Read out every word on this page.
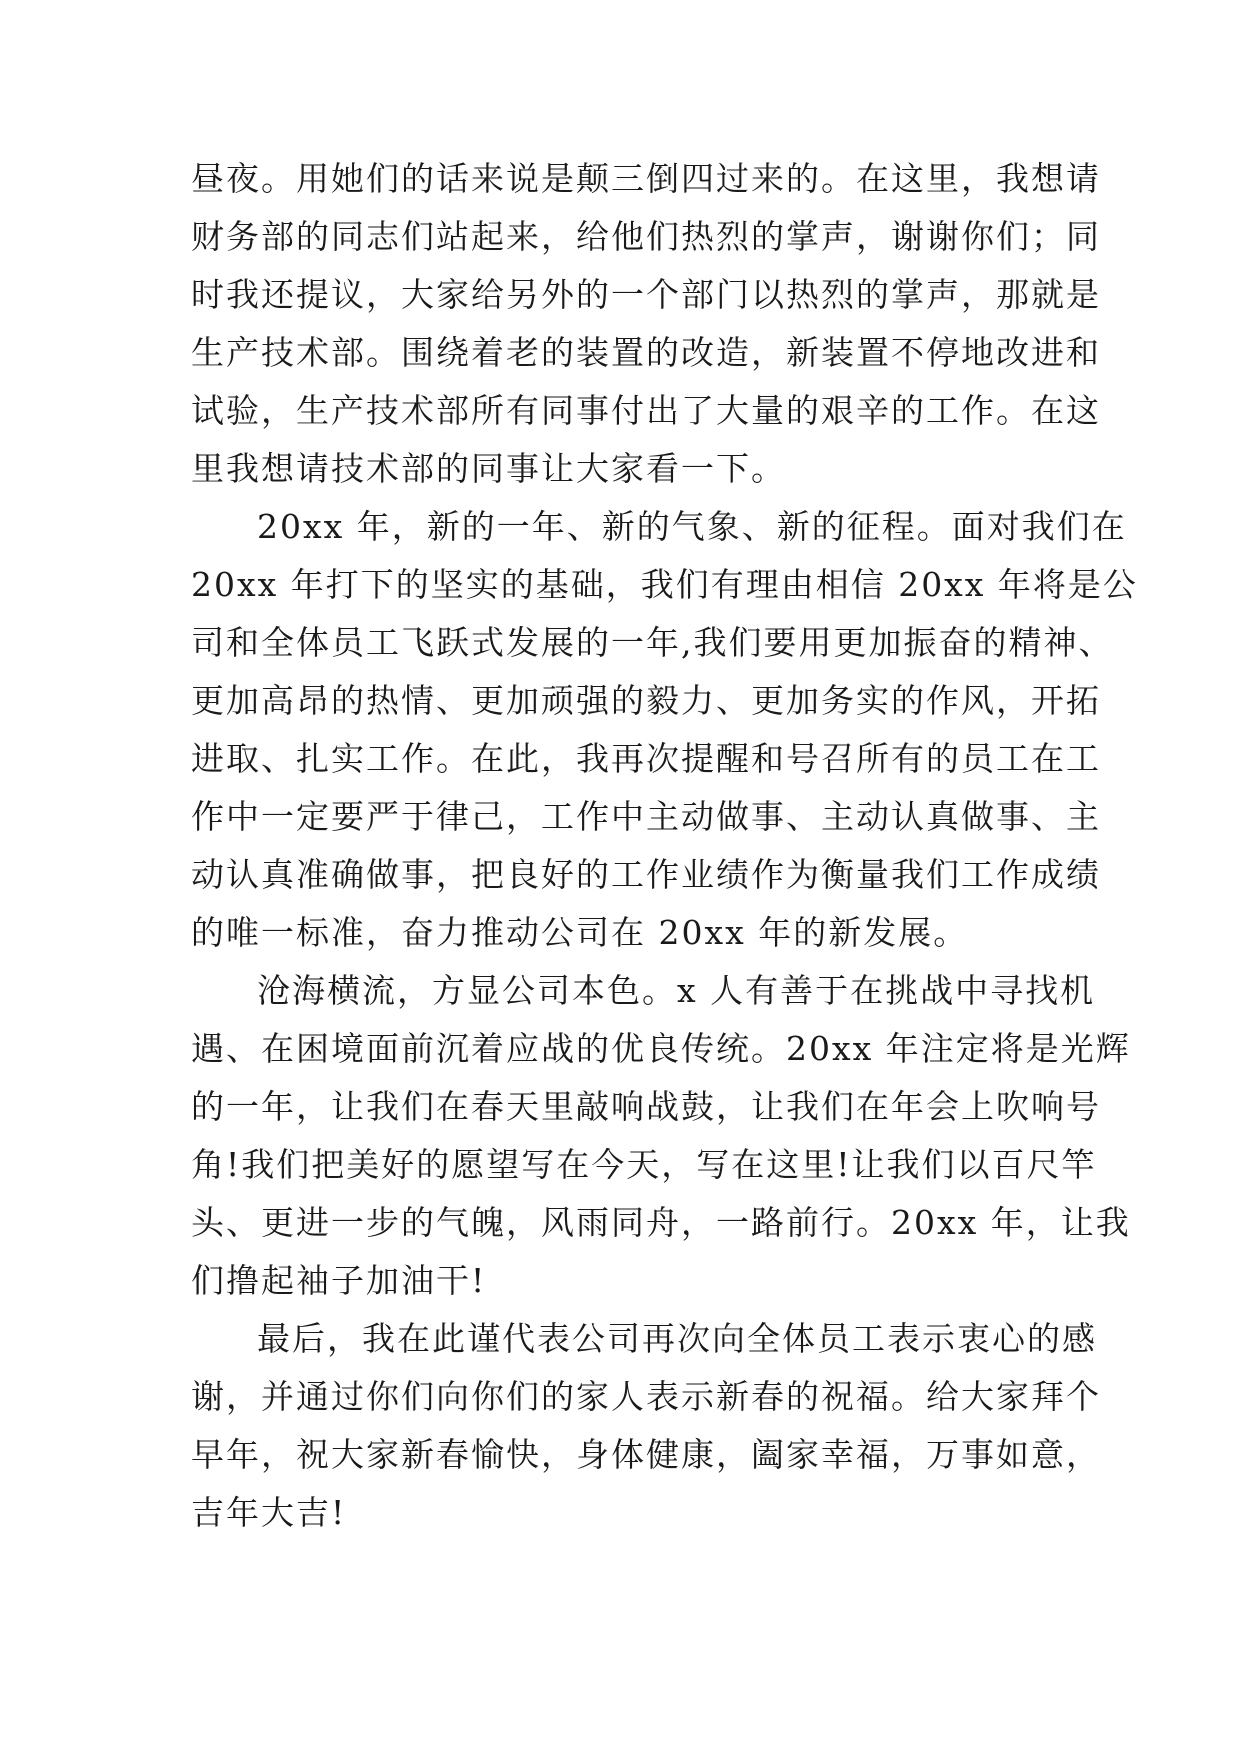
昼夜。用她们的话来说是颠三倒四过来的。在这里，我想请
财务部的同志们站起来，给他们热烈的掌声，谢谢你们；同
时我还提议，大家给另外的一个部门以热烈的掌声，那就是
生产技术部。围绕着老的装置的改造，新装置不停地改进和
试验，生产技术部所有同事付出了大量的艰辛的工作。在这
里我想请技术部的同事让大家看一下。
20xx 年，新的一年、新的气象、新的征程。面对我们在
20xx 年打下的坚实的基础，我们有理由相信 20xx 年将是公
司和全体员工飞跃式发展的一年,我们要用更加振奋的精神、
更加高昂的热情、更加顽强的毅力、更加务实的作风，开拓
进取、扎实工作。在此，我再次提醒和号召所有的员工在工
作中一定要严于律己，工作中主动做事、主动认真做事、主
动认真准确做事，把良好的工作业绩作为衡量我们工作成绩
的唯一标准，奋力推动公司在 20xx 年的新发展。
沧海横流，方显公司本色。x 人有善于在挑战中寻找机
遇、在困境面前沉着应战的优良传统。20xx 年注定将是光辉
的一年，让我们在春天里敲响战鼓，让我们在年会上吹响号
角!我们把美好的愿望写在今天，写在这里!让我们以百尺竿
头、更进一步的气魄，风雨同舟，一路前行。20xx 年，让我
们撸起袖子加油干!
最后，我在此谨代表公司再次向全体员工表示衷心的感
谢，并通过你们向你们的家人表示新春的祝福。给大家拜个
早年，祝大家新春愉快，身体健康，阖家幸福，万事如意，
吉年大吉!
